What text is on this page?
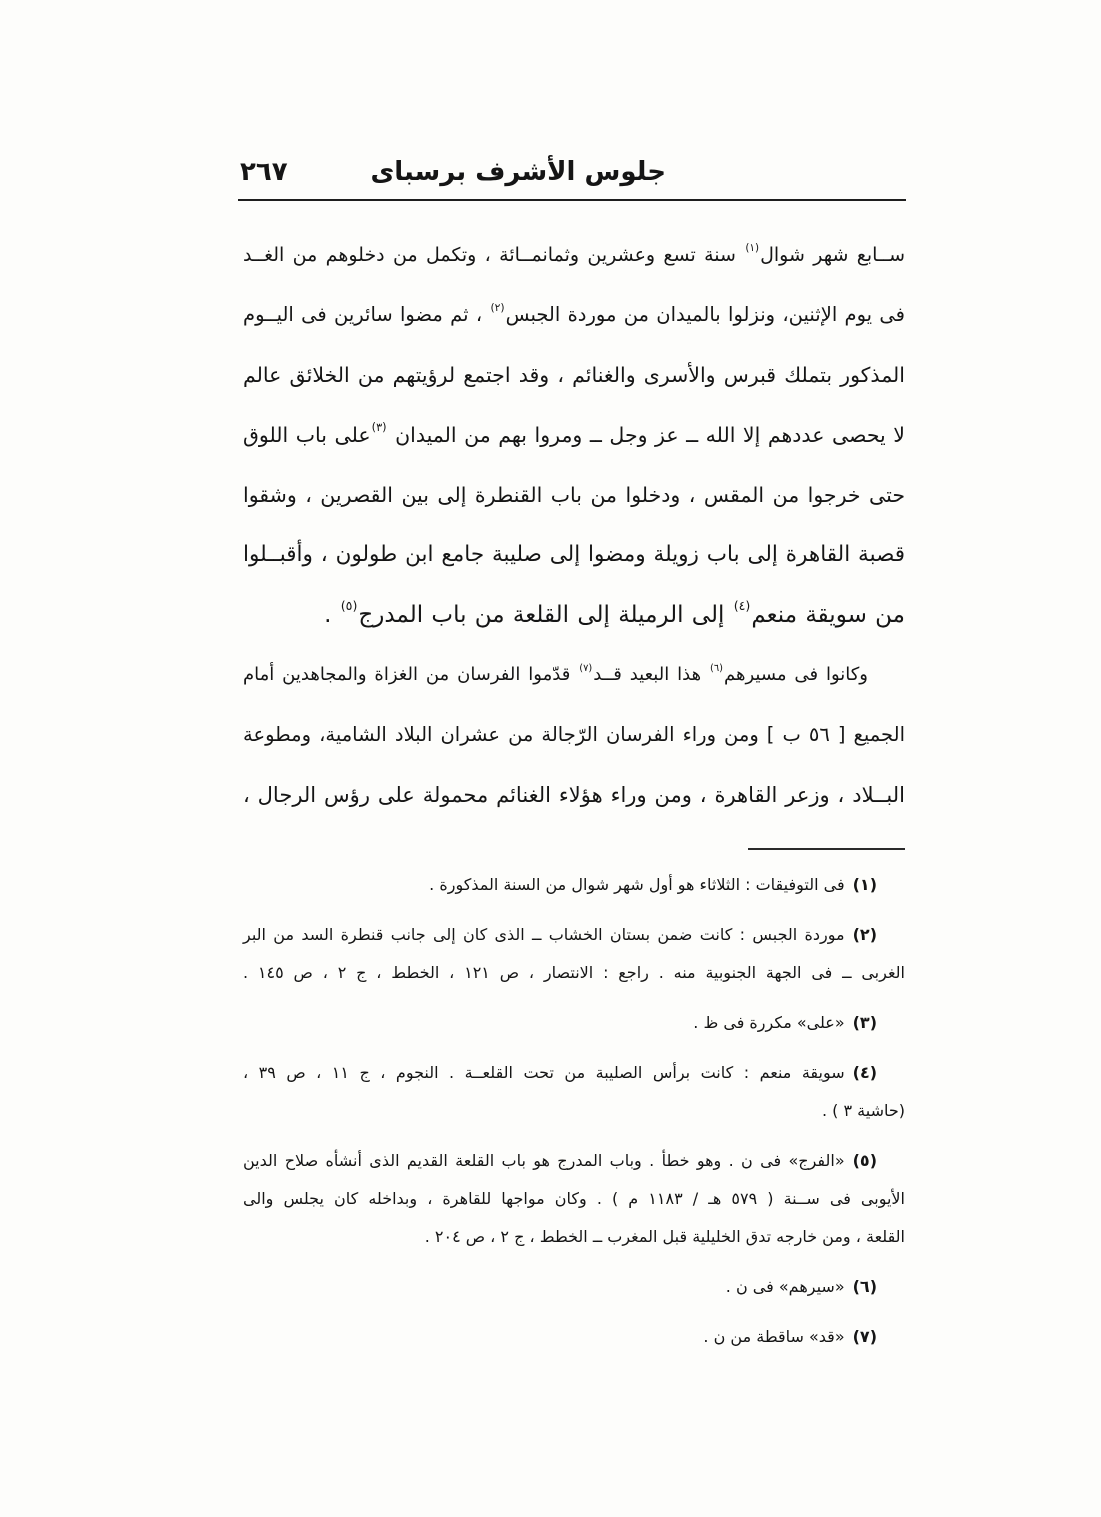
جلوس الأشرف برسباى
٢٦٧
ســابع شهر شوال$^{(١)}$ سنة تسع وعشرين وثمانمــائة ، وتكمل من دخلوهم من الغــد
فى يوم الإثنين، ونزلوا بالميدان من موردة الجبس$^{(٢)}$ ، ثم مضوا سائرين فى اليــوم
المذكور بتملك قبرس والأسرى والغنائم ، وقد اجتمع لرؤيتهم من الخلائق عالم
لا يحصى عددهم إلا الله ــ عز وجل ــ ومروا بهم من الميدان $^{(٣)}$على باب اللوق
حتى خرجوا من المقس ، ودخلوا من باب القنطرة إلى بين القصرين ، وشقوا
قصبة القاهرة إلى باب زويلة ومضوا إلى صليبة جامع ابن طولون ، وأقبــلوا
من سويقة منعم$^{(٤)}$ إلى الرميلة إلى القلعة من باب المدرج$^{(٥)}$ .
وكانوا فى مسيرهم$^{(٦)}$ هذا البعيد قــد$^{(٧)}$ قدّموا الفرسان من الغزاة والمجاهدين أمام
الجميع [ ٥٦ ب ] ومن وراء الفرسان الرّجالة من عشران البلاد الشامية، ومطوعة
البــلاد ، وزعر القاهرة ، ومن وراء هؤلاء الغنائم محمولة على رؤس الرجال ،
(١)فى التوفيقات : الثلاثاء هو أول شهر شوال من السنة المذكورة .
(٢)موردة الجبس : كانت ضمن بستان الخشاب ــ الذى كان إلى جانب قنطرة السد من البر
الغربى ــ فى الجهة الجنوبية منه . راجع : الانتصار ، ص ١٢١ ، الخطط ، ج ٢ ، ص ١٤٥ .
(٣)«على» مكررة فى ظ .
(٤)سويقة منعم : كانت برأس الصليبة من تحت القلعــة . النجوم ، ج ١١ ، ص ٣٩ ،
(حاشية ٣ ) .
(٥)«الفرج» فى ن . وهو خطأ . وباب المدرج هو باب القلعة القديم الذى أنشأه صلاح الدين
الأيوبى فى ســنة ( ٥٧٩ هـ / ١١٨٣ م ) . وكان مواجها للقاهرة ، وبداخله كان يجلس والى
القلعة ، ومن خارجه تدق الخليلية قبل المغرب ــ الخطط ، ج ٢ ، ص ٢٠٤ .
(٦)«سيرهم» فى ن .
(٧)«قد» ساقطة من ن .
